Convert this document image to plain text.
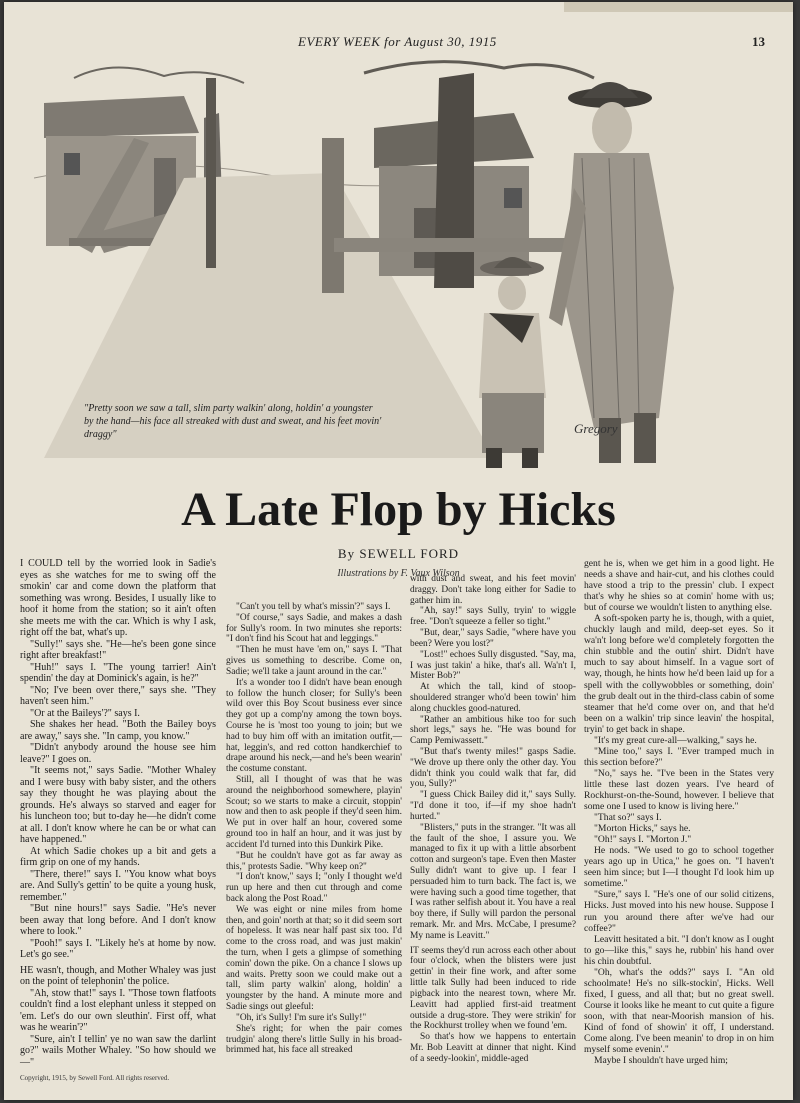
EVERY WEEK for August 30, 1915	13
Gregory
"Pretty soon we saw a tall, slim party walkin' along, holdin' a youngster by the hand—his face all streaked with dust and sweat, and his feet movin' draggy"
A Late Flop by Hicks
By SEWELL FORD
Illustrations by F. Vaux Wilson

I COULD tell by the worried look in Sadie's eyes as she watches for me to swing off the smokin' car and come down the platform that something was wrong. Besides, I usually like to hoof it home from the station; so it ain't often she meets me with the car. Which is why I ask, right off the bat, what's up.

"Sully!" says she. "He—he's been gone since right after breakfast!"

"Huh!" says I. "The young tarrier! Ain't spendin' the day at Dominick's again, is he?"

"No; I've been over there," says she. "They haven't seen him."

"Or at the Baileys'?" says I.

She shakes her head. "Both the Bailey boys are away," says she. "In camp, you know."

"Didn't anybody around the house see him leave?" I goes on.

"It seems not," says Sadie. "Mother Whaley and I were busy with baby sister, and the others say they thought he was playing about the grounds. He's always so starved and eager for his luncheon too; but to-day he—he didn't come at all. I don't know where he can be or what can have happened."

At which Sadie chokes up a bit and gets a firm grip on one of my hands.

"There, there!" says I. "You know what boys are. And Sully's gettin' to be quite a young husk, remember."

"But nine hours!" says Sadie. "He's never been away that long before. And I don't know where to look."

"Pooh!" says I. "Likely he's at home by now. Let's go see."

HE wasn't, though, and Mother Whaley was just on the point of telephonin' the police.

"Ah, stow that!" says I. "Those town flatfoots couldn't find a lost elephant unless it stepped on 'em. Let's do our own sleuthin'. First off, what was he wearin'?"

"Sure, ain't I tellin' ye no wan saw the darlint go?" wails Mother Whaley. "So how should we—"

"Can't you tell by what's missin'?" says I.

"Of course," says Sadie, and makes a dash for Sully's room. In two minutes she reports: "I don't find his Scout hat and leggings."

"Then he must have 'em on," says I. "That gives us something to describe. Come on, Sadie; we'll take a jaunt around in the car."

It's a wonder too I didn't have bean enough to follow the hunch closer; for Sully's been wild over this Boy Scout business ever since they got up a comp'ny among the town boys. Course he is 'most too young to join; but we had to buy him off with an imitation outfit,—hat, leggin's, and red cotton handkerchief to drape around his neck,—and he's been wearin' the costume constant.

Still, all I thought of was that he was around the neighborhood somewhere, playin' Scout; so we starts to make a circuit, stoppin' now and then to ask people if they'd seen him. We put in over half an hour, covered some ground too in half an hour, and it was just by accident I'd turned into this Dunkirk Pike.

"But he couldn't have got as far away as this," protests Sadie. "Why keep on?"

"I don't know," says I; "only I thought we'd run up here and then cut through and come back along the Post Road."

We was eight or nine miles from home then, and goin' north at that; so it did seem sort of hopeless. It was near half past six too. I'd come to the cross road, and was just makin' the turn, when I gets a glimpse of something comin' down the pike. On a chance I slows up and waits. Pretty soon we could make out a tall, slim party walkin' along, holdin' a youngster by the hand. A minute more and Sadie sings out gleeful:

"Oh, it's Sully! I'm sure it's Sully!"

She's right; for when the pair comes trudgin' along there's little Sully in his broad-brimmed hat, his face all streaked

with dust and sweat, and his feet movin' draggy. Don't take long either for Sadie to gather him in.

"Ah, say!" says Sully, tryin' to wiggle free. "Don't squeeze a feller so tight."

"But, dear," says Sadie, "where have you been? Were you lost?"

"Lost!" echoes Sully disgusted. "Say, ma, I was just takin' a hike, that's all. Wa'n't I, Mister Bob?"

At which the tall, kind of stoop-shouldered stranger who'd been towin' him along chuckles good-natured.

"Rather an ambitious hike too for such short legs," says he. "He was bound for Camp Pemiwassett."

"But that's twenty miles!" gasps Sadie. "We drove up there only the other day. You didn't think you could walk that far, did you, Sully?"

"I guess Chick Bailey did it," says Sully. "I'd done it too, if—if my shoe hadn't hurted."

"Blisters," puts in the stranger. "It was all the fault of the shoe, I assure you. We managed to fix it up with a little absorbent cotton and surgeon's tape. Even then Master Sully didn't want to give up. I fear I persuaded him to turn back. The fact is, we were having such a good time together, that I was rather selfish about it. You have a real boy there, if Sully will pardon the personal remark. Mr. and Mrs. McCabe, I presume? My name is Leavitt."

IT seems they'd run across each other about four o'clock, when the blisters were just gettin' in their fine work, and after some little talk Sully had been induced to ride pigback into the nearest town, where Mr. Leavitt had applied first-aid treatment outside a drug-store. They were strikin' for the Rockhurst trolley when we found 'em.

So that's how we happens to entertain Mr. Bob Leavitt at dinner that night. Kind of a seedy-lookin', middle-aged

gent he is, when we get him in a good light. He needs a shave and hair-cut, and his clothes could have stood a trip to the pressin' club. I expect that's why he shies so at comin' home with us; but of course we wouldn't listen to anything else.

A soft-spoken party he is, though, with a quiet, chuckly laugh and mild, deep-set eyes. So it wa'n't long before we'd completely forgotten the chin stubble and the outin' shirt. Didn't have much to say about himself. In a vague sort of way, though, he hints how he'd been laid up for a spell with the collywobbles or something, doin' the grub dealt out in the third-class cabin of some steamer that he'd come over on, and that he'd been on a walkin' trip since leavin' the hospital, tryin' to get back in shape.

"It's my great cure-all—walking," says he.

"Mine too," says I. "Ever tramped much in this section before?"

"No," says he. "I've been in the States very little these last dozen years. I've heard of Rockhurst-on-the-Sound, however. I believe that some one I used to know is living here."

"That so?" says I.

"Morton Hicks," says he.

"Oh!" says I. "Morton J."

He nods. "We used to go to school together years ago up in Utica," he goes on. "I haven't seen him since; but I—I thought I'd look him up sometime."

"Sure," says I. "He's one of our solid citizens, Hicks. Just moved into his new house. Suppose I run you around there after we've had our coffee?"

Leavitt hesitated a bit. "I don't know as I ought to go—like this," says he, rubbin' his hand over his chin doubtful.

"Oh, what's the odds?" says I. "An old schoolmate! He's no silk-stockin', Hicks. Well fixed, I guess, and all that; but no great swell. Course it looks like he meant to cut quite a figure soon, with that near-Moorish mansion of his. Kind of fond of showin' it off, I understand. Come along. I've been meanin' to drop in on him myself some evenin'."

Maybe I shouldn't have urged him;

Copyright, 1915, by Sewell Ford. All rights reserved.
